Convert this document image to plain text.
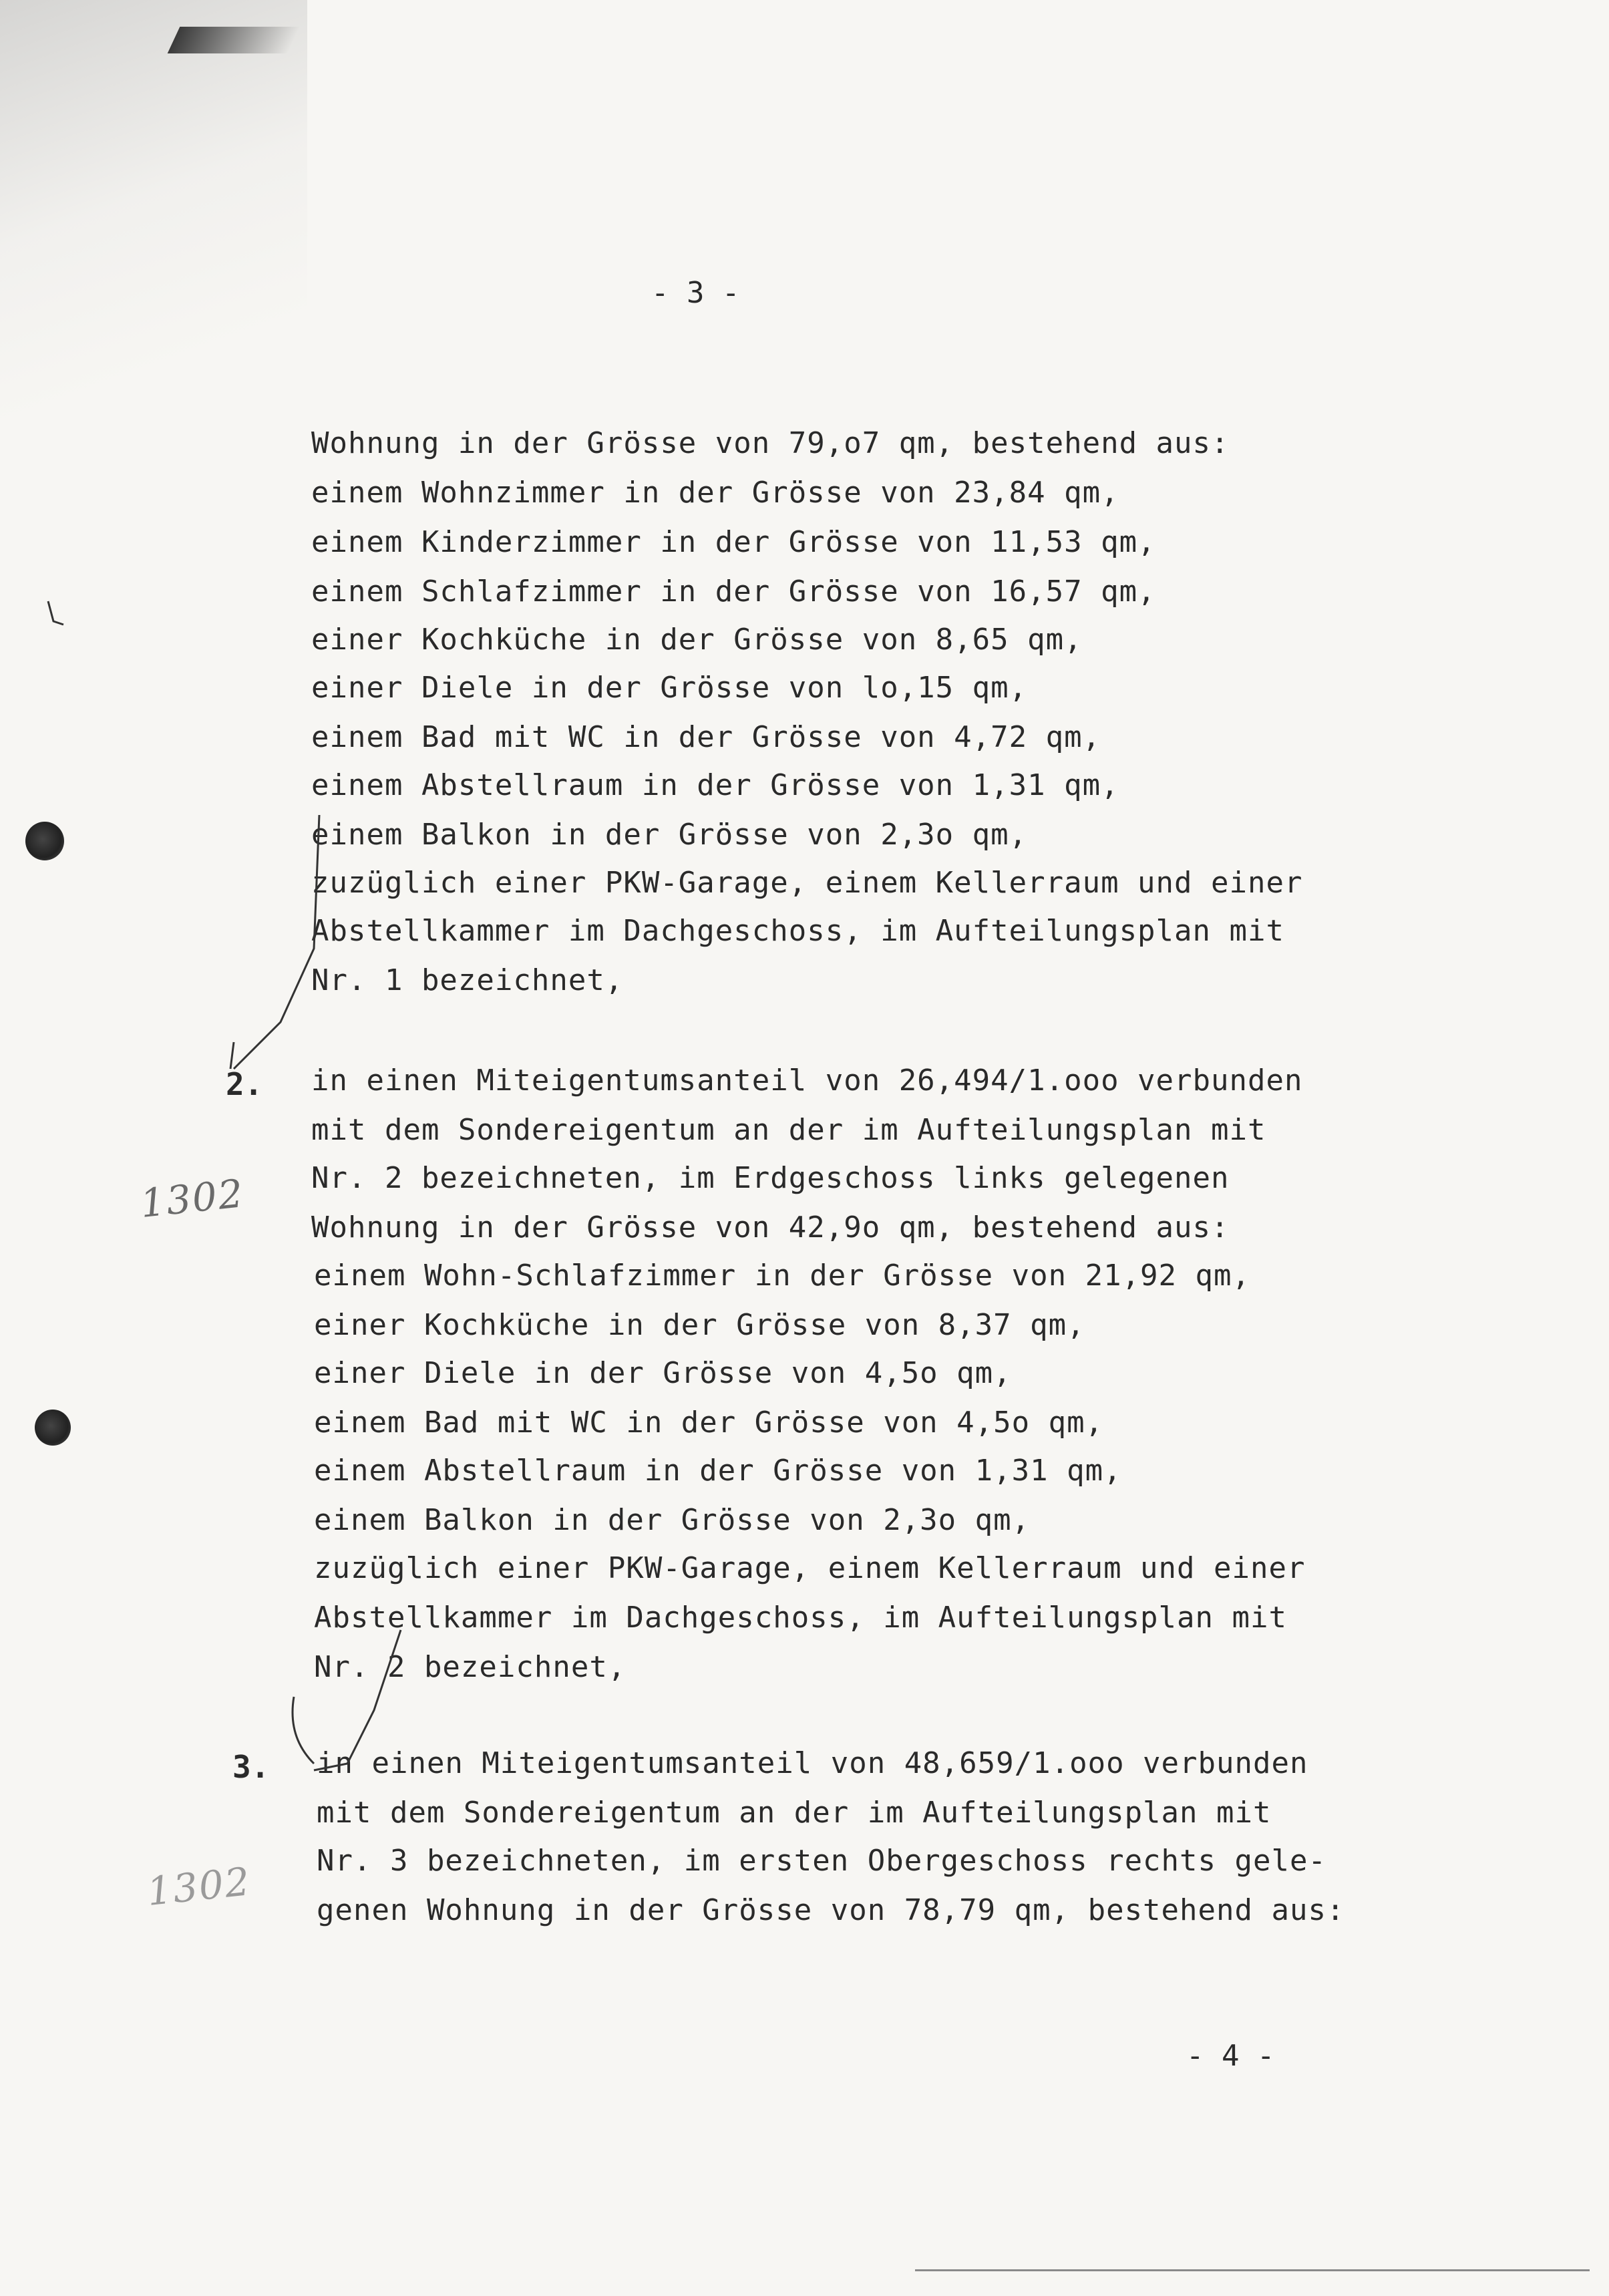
- 3 -
Wohnung in der Grösse von 79,o7 qm, bestehend aus:
einem Wohnzimmer in der Grösse von 23,84 qm,
einem Kinderzimmer in der Grösse von 11,53 qm,
einem Schlafzimmer in der Grösse von 16,57 qm,
einer Kochküche in der Grösse von 8,65 qm,
einer Diele in der Grösse von lo,15 qm,
einem Bad mit WC in der Grösse von 4,72 qm,
einem Abstellraum in der Grösse von 1,31 qm,
einem Balkon in der Grösse von 2,3o qm,
zuzüglich einer PKW-Garage, einem Kellerraum und einer
Abstellkammer im Dachgeschoss, im Aufteilungsplan mit
Nr. 1 bezeichnet,
2.
1302
in einen Miteigentumsanteil von 26,494/1.ooo verbunden
mit dem Sondereigentum an der im Aufteilungsplan mit
Nr. 2 bezeichneten, im Erdgeschoss links gelegenen
Wohnung in der Grösse von 42,9o qm, bestehend aus:
einem Wohn-Schlafzimmer in der Grösse von 21,92 qm,
einer Kochküche in der Grösse von 8,37 qm,
einer Diele in der Grösse von 4,5o qm,
einem Bad mit WC in der Grösse von 4,5o qm,
einem Abstellraum in der Grösse von 1,31 qm,
einem Balkon in der Grösse von 2,3o qm,
zuzüglich einer PKW-Garage, einem Kellerraum und einer
Abstellkammer im Dachgeschoss, im Aufteilungsplan mit
Nr. 2 bezeichnet,
3.
1302
in einen Miteigentumsanteil von 48,659/1.ooo verbunden
mit dem Sondereigentum an der im Aufteilungsplan mit
Nr. 3 bezeichneten, im ersten Obergeschoss rechts gele-
genen Wohnung in der Grösse von 78,79 qm, bestehend aus:
- 4 -
